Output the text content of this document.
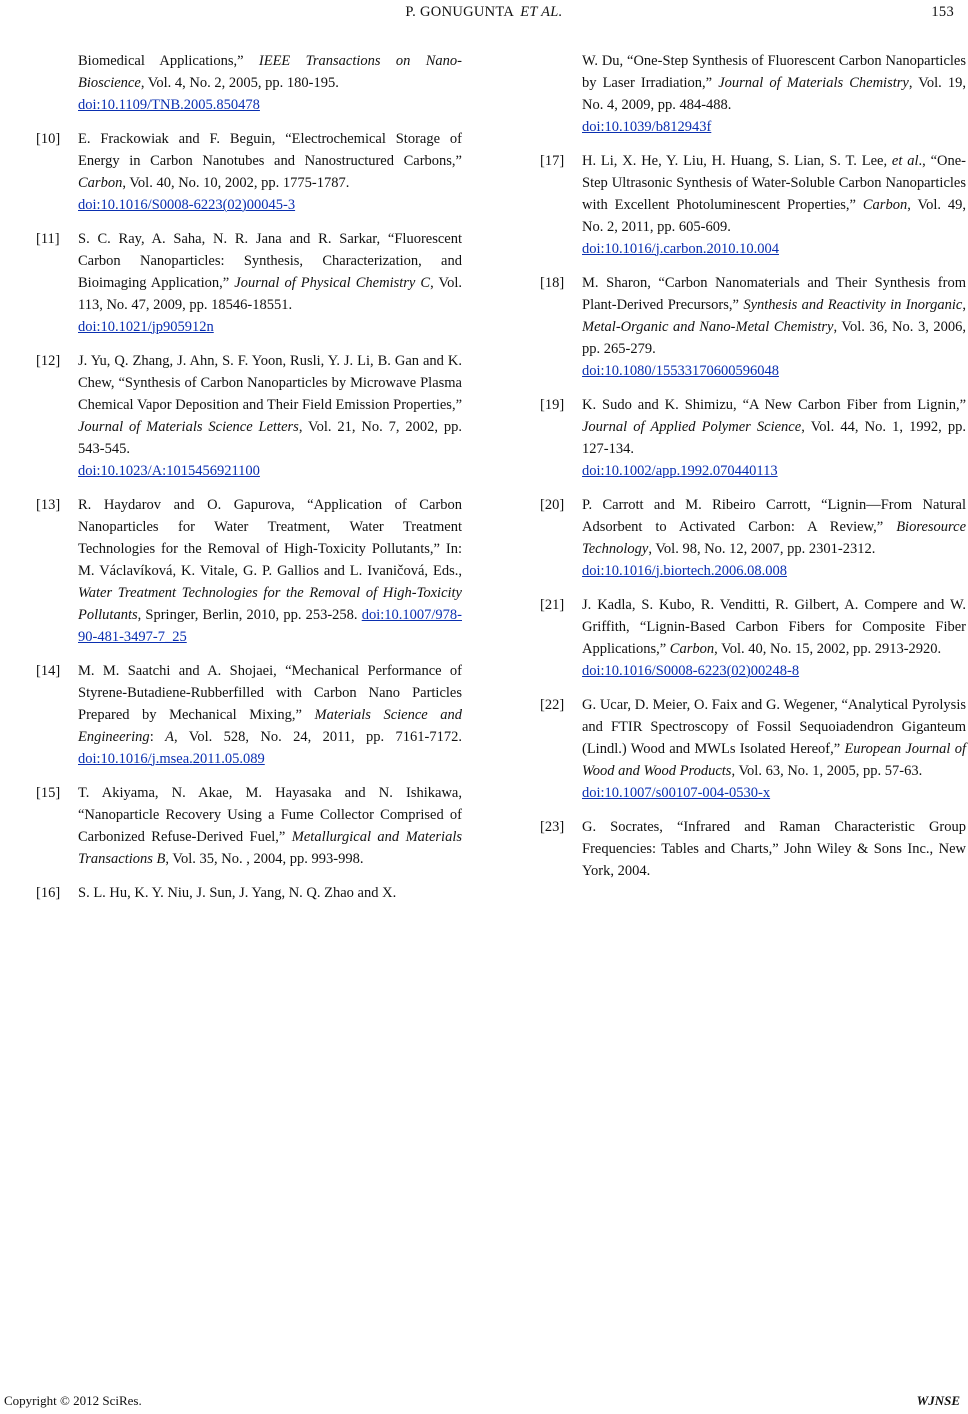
P. GONUGUNTA ET AL.	153
Biomedical Applications,” IEEE Transactions on Nano-Bioscience, Vol. 4, No. 2, 2005, pp. 180-195.
doi:10.1109/TNB.2005.850478
[10] E. Frackowiak and F. Beguin, “Electrochemical Storage of Energy in Carbon Nanotubes and Nanostructured Carbons,” Carbon, Vol. 40, No. 10, 2002, pp. 1775-1787.
doi:10.1016/S0008-6223(02)00045-3
[11] S. C. Ray, A. Saha, N. R. Jana and R. Sarkar, “Fluorescent Carbon Nanoparticles: Synthesis, Characterization, and Bioimaging Application,” Journal of Physical Chemistry C, Vol. 113, No. 47, 2009, pp. 18546-18551.
doi:10.1021/jp905912n
[12] J. Yu, Q. Zhang, J. Ahn, S. F. Yoon, Rusli, Y. J. Li, B. Gan and K. Chew, “Synthesis of Carbon Nanoparticles by Microwave Plasma Chemical Vapor Deposition and Their Field Emission Properties,” Journal of Materials Science Letters, Vol. 21, No. 7, 2002, pp. 543-545.
doi:10.1023/A:1015456921100
[13] R. Haydarov and O. Gapurova, “Application of Carbon Nanoparticles for Water Treatment, Water Treatment Technologies for the Removal of High-Toxicity Pollutants,” In: M. Václavíková, K. Vitale, G. P. Gallios and L. Ivaničová, Eds., Water Treatment Technologies for the Removal of High-Toxicity Pollutants, Springer, Berlin, 2010, pp. 253-258. doi:10.1007/978-90-481-3497-7_25
[14] M. M. Saatchi and A. Shojaei, “Mechanical Performance of Styrene-Butadiene-Rubberfilled with Carbon Nano Particles Prepared by Mechanical Mixing,” Materials Science and Engineering: A, Vol. 528, No. 24, 2011, pp. 7161-7172. doi:10.1016/j.msea.2011.05.089
[15] T. Akiyama, N. Akae, M. Hayasaka and N. Ishikawa, “Nanoparticle Recovery Using a Fume Collector Comprised of Carbonized Refuse-Derived Fuel,” Metallurgical and Materials Transactions B, Vol. 35, No. , 2004, pp. 993-998.
[16] S. L. Hu, K. Y. Niu, J. Sun, J. Yang, N. Q. Zhao and X.
W. Du, “One-Step Synthesis of Fluorescent Carbon Nanoparticles by Laser Irradiation,” Journal of Materials Chemistry, Vol. 19, No. 4, 2009, pp. 484-488.
doi:10.1039/b812943f
[17] H. Li, X. He, Y. Liu, H. Huang, S. Lian, S. T. Lee, et al., “One-Step Ultrasonic Synthesis of Water-Soluble Carbon Nanoparticles with Excellent Photoluminescent Properties,” Carbon, Vol. 49, No. 2, 2011, pp. 605-609.
doi:10.1016/j.carbon.2010.10.004
[18] M. Sharon, “Carbon Nanomaterials and Their Synthesis from Plant-Derived Precursors,” Synthesis and Reactivity in Inorganic, Metal-Organic and Nano-Metal Chemistry, Vol. 36, No. 3, 2006, pp. 265-279.
doi:10.1080/15533170600596048
[19] K. Sudo and K. Shimizu, “A New Carbon Fiber from Lignin,” Journal of Applied Polymer Science, Vol. 44, No. 1, 1992, pp. 127-134.
doi:10.1002/app.1992.070440113
[20] P. Carrott and M. Ribeiro Carrott, “Lignin—From Natural Adsorbent to Activated Carbon: A Review,” Bioresource Technology, Vol. 98, No. 12, 2007, pp. 2301-2312.
doi:10.1016/j.biortech.2006.08.008
[21] J. Kadla, S. Kubo, R. Venditti, R. Gilbert, A. Compere and W. Griffith, “Lignin-Based Carbon Fibers for Composite Fiber Applications,” Carbon, Vol. 40, No. 15, 2002, pp. 2913-2920.
doi:10.1016/S0008-6223(02)00248-8
[22] G. Ucar, D. Meier, O. Faix and G. Wegener, “Analytical Pyrolysis and FTIR Spectroscopy of Fossil Sequoiadendron Giganteum (Lindl.) Wood and MWLs Isolated Hereof,” European Journal of Wood and Wood Products, Vol. 63, No. 1, 2005, pp. 57-63.
doi:10.1007/s00107-004-0530-x
[23] G. Socrates, “Infrared and Raman Characteristic Group Frequencies: Tables and Charts,” John Wiley & Sons Inc., New York, 2004.
Copyright © 2012 SciRes.	WJNSE
